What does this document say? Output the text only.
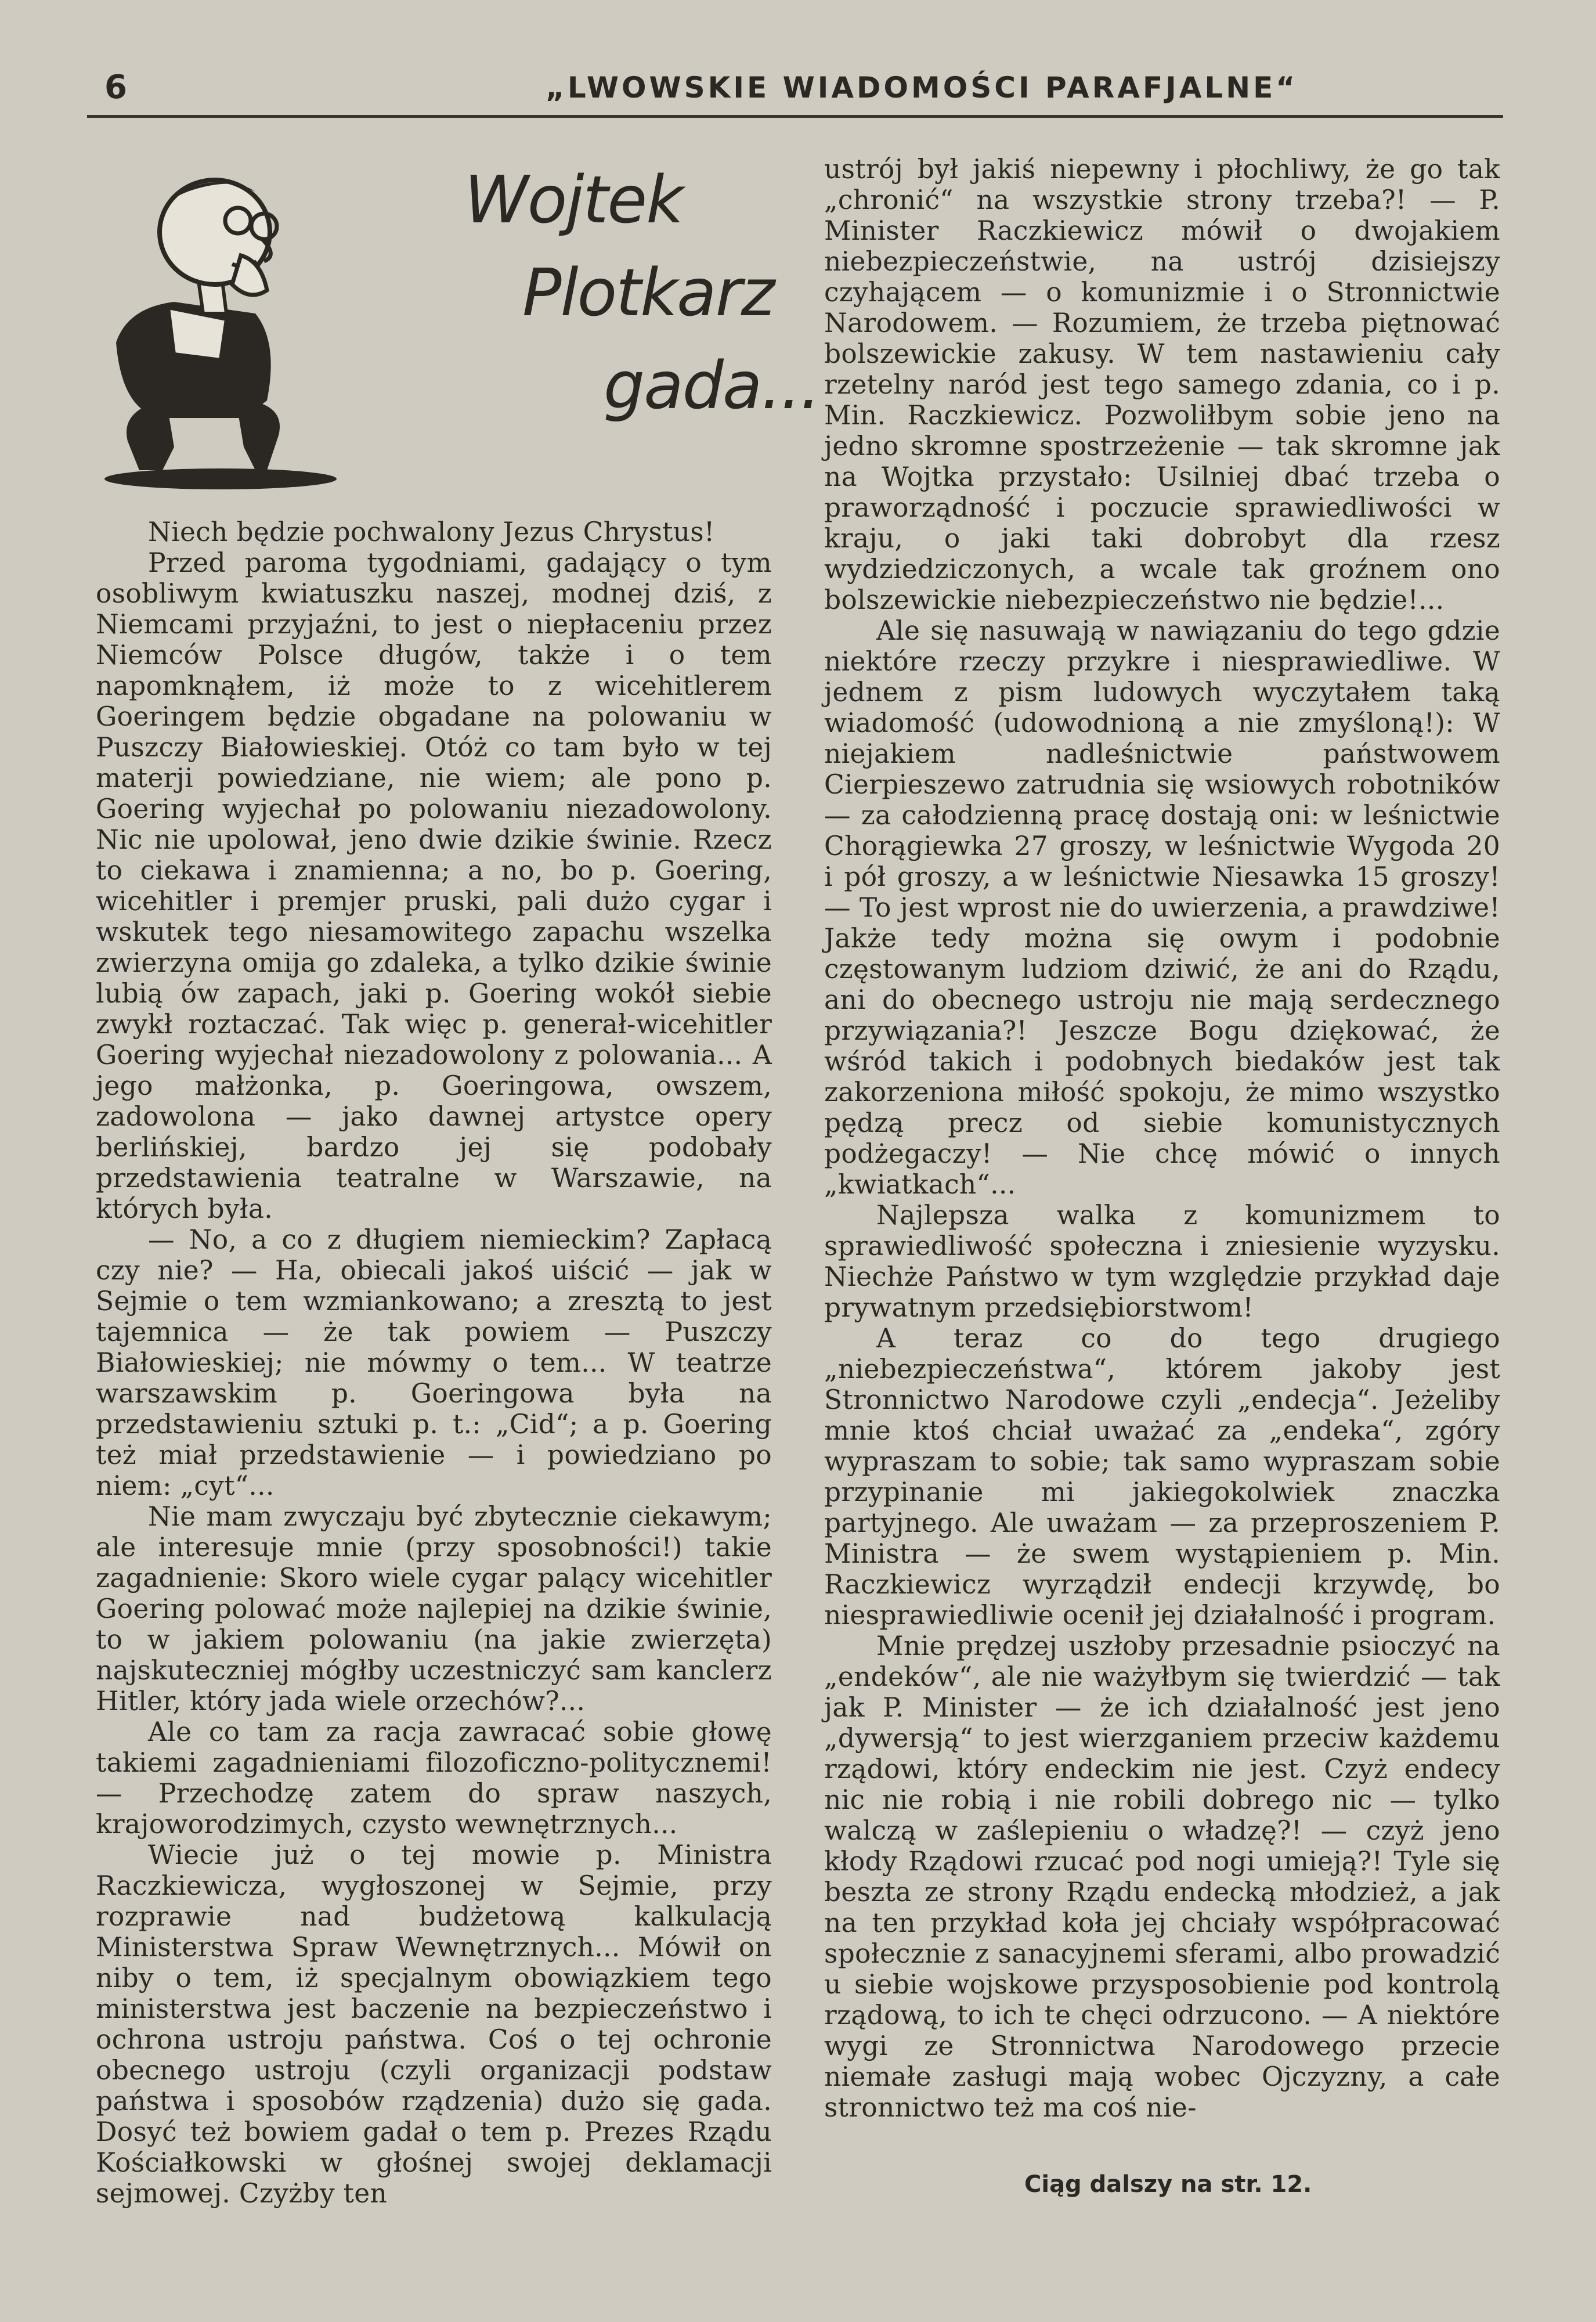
6	„LWOWSKIE WIADOMOŚCI PARAFJALNE“
Wojtek
Plotkarz
gada...

Niech będzie pochwalony Jezus Chrystus!

Przed paroma tygodniami, gadający o tym osobliwym kwiatuszku naszej, modnej dziś, z Niemcami przyjaźni, to jest o niepłaceniu przez Niemców Polsce długów, także i o tem napomknąłem, iż może to z wicehitlerem Goeringem będzie obgadane na polowaniu w Puszczy Białowieskiej. Otóż co tam było w tej materji powiedziane, nie wiem; ale pono p. Goering wyjechał po polowaniu niezadowolony. Nic nie upolował, jeno dwie dzikie świnie. Rzecz to ciekawa i znamienna; a no, bo p. Goering, wicehitler i premjer pruski, pali dużo cygar i wskutek tego niesamowitego zapachu wszelka zwierzyna omija go zdaleka, a tylko dzikie świnie lubią ów zapach, jaki p. Goering wokół siebie zwykł roztaczać. Tak więc p. generał-wicehitler Goering wyjechał niezadowolony z polowania... A jego małżonka, p. Goeringowa, owszem, zadowolona — jako dawnej artystce opery berlińskiej, bardzo jej się podobały przedstawienia teatralne w Warszawie, na których była.

— No, a co z długiem niemieckim? Zapłacą czy nie? — Ha, obiecali jakoś uiścić — jak w Sejmie o tem wzmiankowano; a zresztą to jest tajemnica — że tak powiem — Puszczy Białowieskiej; nie mówmy o tem... W teatrze warszawskim p. Goeringowa była na przedstawieniu sztuki p. t.: „Cid“; a p. Goering też miał przedstawienie — i powiedziano po niem: „cyt“...

Nie mam zwyczaju być zbytecznie ciekawym; ale interesuje mnie (przy sposobności!) takie zagadnienie: Skoro wiele cygar palący wicehitler Goering polować może najlepiej na dzikie świnie, to w jakiem polowaniu (na jakie zwierzęta) najskuteczniej mógłby uczestniczyć sam kanclerz Hitler, który jada wiele orzechów?...

Ale co tam za racja zawracać sobie głowę takiemi zagadnieniami filozoficzno-politycznemi! — Przechodzę zatem do spraw naszych, krajoworodzimych, czysto wewnętrznych...

Wiecie już o tej mowie p. Ministra Raczkiewicza, wygłoszonej w Sejmie, przy rozprawie nad budżetową kalkulacją Ministerstwa Spraw Wewnętrznych... Mówił on niby o tem, iż specjalnym obowiązkiem tego ministerstwa jest baczenie na bezpieczeństwo i ochrona ustroju państwa. Coś o tej ochronie obecnego ustroju (czyli organizacji podstaw państwa i sposobów rządzenia) dużo się gada. Dosyć też bowiem gadał o tem p. Prezes Rządu Kościałkowski w głośnej swojej deklamacji sejmowej. Czyżby ten

ustrój był jakiś niepewny i płochliwy, że go tak „chronić“ na wszystkie strony trzeba?! — P. Minister Raczkiewicz mówił o dwojakiem niebezpieczeństwie, na ustrój dzisiejszy czyhającem — o komunizmie i o Stronnictwie Narodowem. — Rozumiem, że trzeba piętnować bolszewickie zakusy. W tem nastawieniu cały rzetelny naród jest tego samego zdania, co i p. Min. Raczkiewicz. Pozwoliłbym sobie jeno na jedno skromne spostrzeżenie — tak skromne jak na Wojtka przystało: Usilniej dbać trzeba o praworządność i poczucie sprawiedliwości w kraju, o jaki taki dobrobyt dla rzesz wydziedziczonych, a wcale tak groźnem ono bolszewickie niebezpieczeństwo nie będzie!...

Ale się nasuwają w nawiązaniu do tego gdzie niektóre rzeczy przykre i niesprawiedliwe. W jednem z pism ludowych wyczytałem taką wiadomość (udowodnioną a nie zmyśloną!): W niejakiem nadleśnictwie państwowem Cierpieszewo zatrudnia się wsiowych robotników — za całodzienną pracę dostają oni: w leśnictwie Chorągiewka 27 groszy, w leśnictwie Wygoda 20 i pół groszy, a w leśnictwie Niesawka 15 groszy! — To jest wprost nie do uwierzenia, a prawdziwe! Jakże tedy można się owym i podobnie częstowanym ludziom dziwić, że ani do Rządu, ani do obecnego ustroju nie mają serdecznego przywiązania?! Jeszcze Bogu dziękować, że wśród takich i podobnych biedaków jest tak zakorzeniona miłość spokoju, że mimo wszystko pędzą precz od siebie komunistycznych podżegaczy! — Nie chcę mówić o innych „kwiatkach“...

Najlepsza walka z komunizmem to sprawiedliwość społeczna i zniesienie wyzysku. Niechże Państwo w tym względzie przykład daje prywatnym przedsiębiorstwom!

A teraz co do tego drugiego „niebezpieczeństwa“, którem jakoby jest Stronnictwo Narodowe czyli „endecja“. Jeżeliby mnie ktoś chciał uważać za „endeka“, zgóry wypraszam to sobie; tak samo wypraszam sobie przypinanie mi jakiegokolwiek znaczka partyjnego. Ale uważam — za przeproszeniem P. Ministra — że swem wystąpieniem p. Min. Raczkiewicz wyrządził endecji krzywdę, bo niesprawiedliwie ocenił jej działalność i program.

Mnie prędzej uszłoby przesadnie psioczyć na „endeków“, ale nie ważyłbym się twierdzić — tak jak P. Minister — że ich działalność jest jeno „dywersją“ to jest wierzganiem przeciw każdemu rządowi, który endeckim nie jest. Czyż endecy nic nie robią i nie robili dobrego nic — tylko walczą w zaślepieniu o władzę?! — czyż jeno kłody Rządowi rzucać pod nogi umieją?! Tyle się beszta ze strony Rządu endecką młodzież, a jak na ten przykład koła jej chciały współpracować społecznie z sanacyjnemi sferami, albo prowadzić u siebie wojskowe przysposobienie pod kontrolą rządową, to ich te chęci odrzucono. — A niektóre wygi ze Stronnictwa Narodowego przecie niemałe zasługi mają wobec Ojczyzny, a całe stronnictwo też ma coś nie-

Ciąg dalszy na str. 12.
